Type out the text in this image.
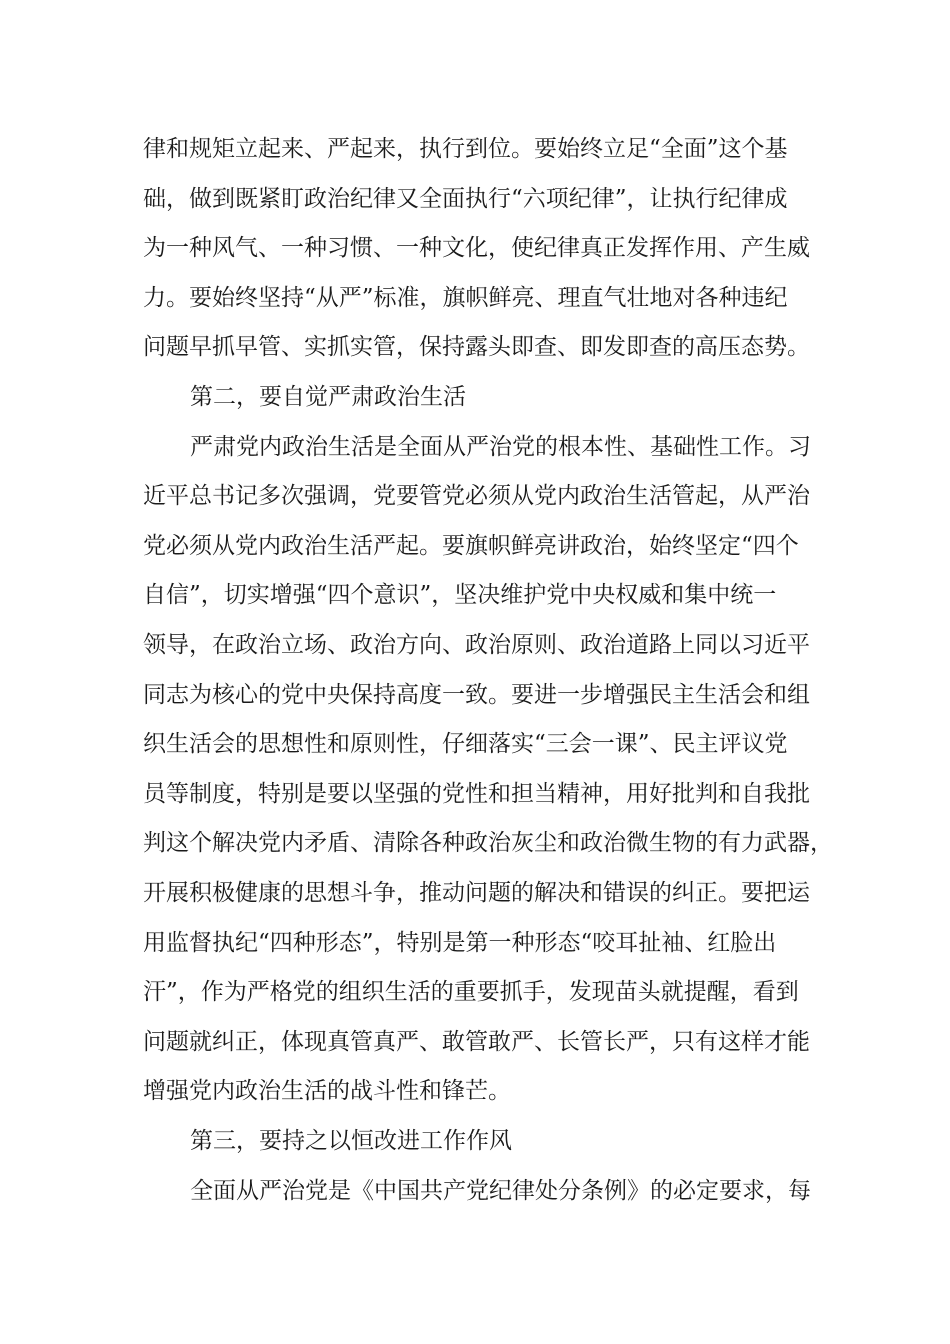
律和规矩立起来、严起来，执行到位。要始终立足“全面”这个基
础，做到既紧盯政治纪律又全面执行“六项纪律”，让执行纪律成
为一种风气、一种习惯、一种文化，使纪律真正发挥作用、产生威
力。要始终坚持“从严”标准，旗帜鲜亮、理直气壮地对各种违纪
问题早抓早管、实抓实管，保持露头即查、即发即查的高压态势。
第二，要自觉严肃政治生活
严肃党内政治生活是全面从严治党的根本性、基础性工作。习
近平总书记多次强调，党要管党必须从党内政治生活管起，从严治
党必须从党内政治生活严起。要旗帜鲜亮讲政治，始终坚定“四个
自信”，切实增强“四个意识”，坚决维护党中央权威和集中统一
领导，在政治立场、政治方向、政治原则、政治道路上同以习近平
同志为核心的党中央保持高度一致。要进一步增强民主生活会和组
织生活会的思想性和原则性，仔细落实“三会一课”、民主评议党
员等制度，特别是要以坚强的党性和担当精神，用好批判和自我批
判这个解决党内矛盾、清除各种政治灰尘和政治微生物的有力武器，
开展积极健康的思想斗争，推动问题的解决和错误的纠正。要把运
用监督执纪“四种形态”，特别是第一种形态“咬耳扯袖、红脸出
汗”，作为严格党的组织生活的重要抓手，发现苗头就提醒，看到
问题就纠正，体现真管真严、敢管敢严、长管长严，只有这样才能
增强党内政治生活的战斗性和锋芒。
第三，要持之以恒改进工作作风
全面从严治党是《中国共产党纪律处分条例》的必定要求，每
